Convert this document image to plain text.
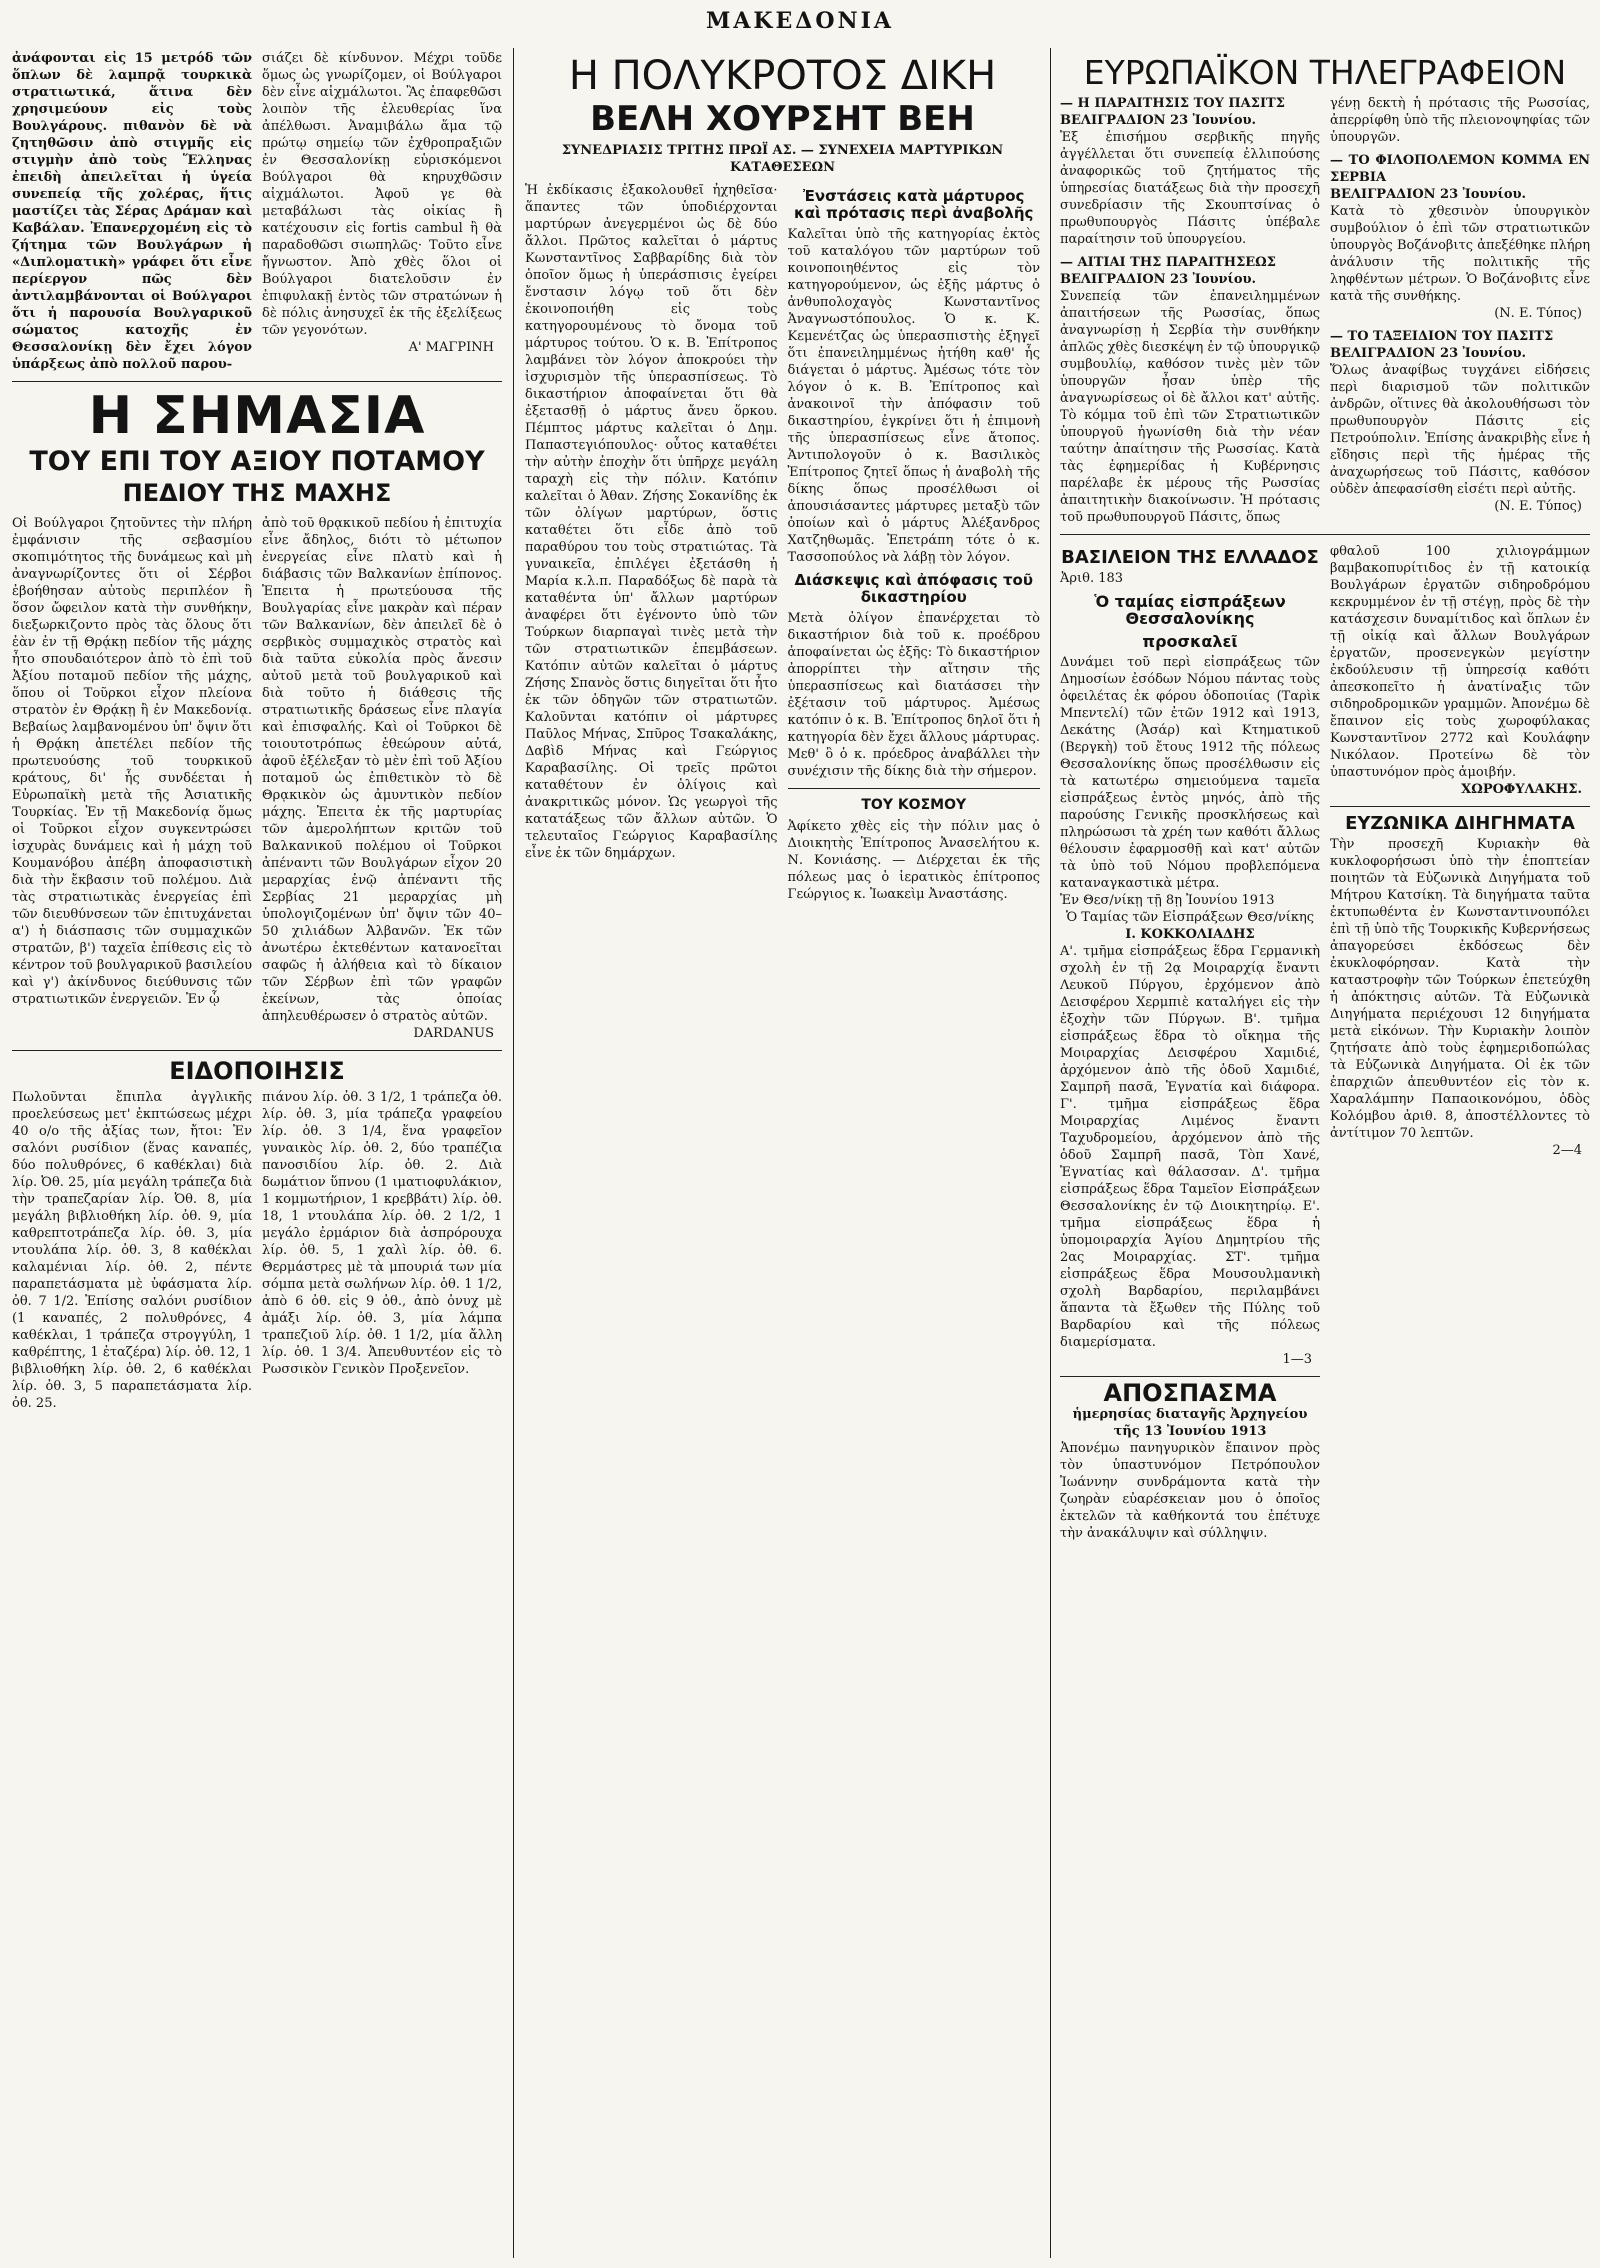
ΜΑΚΕΔΟΝΙΑ
ἀνάφονται εἰς 15 μετρόδ τῶν ὅπλων δὲ λαμπρᾷ τουρκικὰ στρατιωτικά, ἅτινα δὲν χρησιμεύουν εἰς τοὺς Βουλγάρους. πιθανὸν δὲ νὰ ζητηθῶσιν ἀπὸ στιγμῆς εἰς στιγμὴν ἀπὸ τοὺς Ἕλληνας ἐπειδὴ ἀπειλεῖται ἡ ὑγεία συνεπείᾳ τῆς χολέρας, ἥτις μαστίζει τὰς Σέρας Δράμαν καὶ Καβάλαν. Ἐπανερχομένη εἰς τὸ ζήτημα τῶν Βουλγάρων ἡ «Διπλοματικὴ» γράφει ὅτι εἶνε περίεργον πῶς δὲν ἀντιλαμβάνονται οἱ Βούλγαροι ὅτι ἡ παρουσία Βουλγαρικοῦ σώματος κατοχῆς ἐν Θεσσαλονίκῃ δὲν ἔχει λόγον ὑπάρξεως ἀπὸ πολλοῦ παρου-
σιάζει δὲ κίνδυνον. Μέχρι τοῦδε ὅμως ὡς γνωρίζομεν, οἱ Βούλγαροι δὲν εἶνε αἰχμάλωτοι. Ἂς ἐπαφεθῶσι λοιπὸν τῆς ἐλευθερίας ἵνα ἀπέλθωσι. Ἀναμιβάλω ἅμα τῷ πρώτῳ σημείῳ τῶν ἐχθροπραξιῶν ἐν Θεσσαλονίκῃ εὑρισκόμενοι Βούλγαροι θὰ κηρυχθῶσιν αἰχμάλωτοι. Ἀφοῦ γε θὰ μεταβάλωσι τὰς οἰκίας ἢ κατέχουσιν εἰς fortis cambul ἢ θὰ παραδοθῶσι σιωπηλῶς· Τοῦτο εἶνε ἤγνωστον. Ἀπὸ χθὲς ὅλοι οἱ Βούλγαροι διατελοῦσιν ἐν ἐπιφυλακῇ ἐντὸς τῶν στρατώνων ἡ δὲ πόλις ἀνησυχεῖ ἐκ τῆς ἐξελίξεως τῶν γεγονότων.
Α' ΜΑΓΡΙΝΗ
Η ΣΗΜΑΣΙΑ
ΤΟΥ ΕΠΙ ΤΟΥ ΑΞΙΟΥ ΠΟΤΑΜΟΥ
ΠΕΔΙΟΥ ΤΗΣ ΜΑΧΗΣ
Οἱ Βούλγαροι ζητοῦντες τὴν πλήρη ἐμφάνισιν τῆς σεβασμίου σκοπιμότητος τῆς δυνάμεως καὶ μὴ ἀναγνωρίζοντες ὅτι οἱ Σέρβοι ἐβοήθησαν αὐτοὺς περιπλέον ἢ ὅσον ὤφειλον κατὰ τὴν συνθήκην, διεξωρκιζοντο πρὸς τὰς ὅλους ὅτι ἐὰν ἐν τῇ Θρᾴκῃ πεδίον τῆς μάχης ἦτο σπουδαιότερον ἀπὸ τὸ ἐπὶ τοῦ Ἀξίου ποταμοῦ πεδίον τῆς μάχης, ὅπου οἱ Τοῦρκοι εἶχον πλείονα στρατὸν ἐν Θρᾴκῃ ἢ ἐν Μακεδονίᾳ. Βεβαίως λαμβανομένου ὑπ' ὄψιν ὅτι ἡ Θρᾴκη ἀπετέλει πεδίον τῆς πρωτευούσης τοῦ τουρκικοῦ κράτους, δι' ἧς συνδέεται ἡ Εὐρωπαϊκὴ μετὰ τῆς Ἀσιατικῆς Τουρκίας. Ἐν τῇ Μακεδονίᾳ ὅμως οἱ Τοῦρκοι εἶχον συγκεντρώσει ἰσχυρὰς δυνάμεις καὶ ἡ μάχη τοῦ Κουμανόβου ἀπέβη ἀποφασιστικὴ διὰ τὴν ἔκβασιν τοῦ πολέμου. Διὰ τὰς στρατιωτικὰς ἐνεργείας ἐπὶ τῶν διευθύνσεων τῶν ἐπιτυχάνεται α') ἡ διάσπασις τῶν συμμαχικῶν στρατῶν, β') ταχεῖα ἐπίθεσις εἰς τὸ κέντρον τοῦ βουλγαρικοῦ βασιλείου καὶ γ') ἀκίνδυνος διεύθυνσις τῶν στρατιωτικῶν ἐνεργειῶν. Ἐν ᾧ
ἀπὸ τοῦ θρᾳκικοῦ πεδίου ἡ ἐπιτυχία εἶνε ἄδηλος, διότι τὸ μέτωπον ἐνεργείας εἶνε πλατὺ καὶ ἡ διάβασις τῶν Βαλκανίων ἐπίπονος. Ἐπειτα ἡ πρωτεύουσα τῆς Βουλγαρίας εἶνε μακρὰν καὶ πέραν τῶν Βαλκανίων, δὲν ἀπειλεῖ δὲ ὁ σερβικὸς συμμαχικὸς στρατὸς καὶ διὰ ταῦτα εὐκολία πρὸς ἄνεσιν αὐτοῦ μετὰ τοῦ βουλγαρικοῦ καὶ διὰ τοῦτο ἡ διάθεσις τῆς στρατιωτικῆς δράσεως εἶνε πλαγία καὶ ἐπισφαλής. Καὶ οἱ Τοῦρκοι δὲ τοιουτοτρόπως ἐθεώρουν αὐτά, ἀφοῦ ἐξέλεξαν τὸ μὲν ἐπὶ τοῦ Ἀξίου ποταμοῦ ὡς ἐπιθετικὸν τὸ δὲ Θρᾳκικὸν ὡς ἀμυντικὸν πεδίον μάχης. Ἐπειτα ἐκ τῆς μαρτυρίας τῶν ἀμερολήπτων κριτῶν τοῦ Βαλκανικοῦ πολέμου οἱ Τοῦρκοι ἀπέναντι τῶν Βουλγάρων εἶχον 20 μεραρχίας ἐνῷ ἀπέναντι τῆς Σερβίας 21 μεραρχίας μὴ ὑπολογιζομένων ὑπ' ὄψιν τῶν 40–50 χιλιάδων Ἀλβανῶν. Ἐκ τῶν ἀνωτέρω ἐκτεθέντων κατανοεῖται σαφῶς ἡ ἀλήθεια καὶ τὸ δίκαιον τῶν Σέρβων ἐπὶ τῶν γραφῶν ἐκείνων, τὰς ὁποίας ἀπηλευθέρωσεν ὁ στρατὸς αὐτῶν.
DARDANUS
ΕΙΔΟΠΟΙΗΣΙΣ
Πωλοῦνται ἔπιπλα ἀγγλικῆς προελεύσεως μετ' ἐκπτώσεως μέχρι 40 ο/ο τῆς ἀξίας των, ἤτοι: Ἐν σαλόνι ρυσίδιον (ἕνας καναπές, δύο πολυθρόνες, 6 καθέκλαι) διὰ λίρ. Ὀθ. 25, μία μεγάλη τράπεζα διὰ τὴν τραπεζαρίαν λίρ. Ὀθ. 8, μία μεγάλη βιβλιοθήκη λίρ. ὀθ. 9, μία καθρεπτοτράπεζα λίρ. ὀθ. 3, μία ντουλάπα λίρ. ὀθ. 3, 8 καθέκλαι καλαμένιαι λίρ. ὀθ. 2, πέντε παραπετάσματα μὲ ὑφάσματα λίρ. ὀθ. 7 1/2. Ἐπίσης σαλόνι ρυσίδιον (1 καναπές, 2 πολυθρόνες, 4 καθέκλαι, 1 τράπεζα στρογγύλη, 1 καθρέπτης, 1 ἐταζέρα) λίρ. ὀθ. 12, 1 βιβλιοθήκη λίρ. ὀθ. 2, 6 καθέκλαι λίρ. ὀθ. 3, 5 παραπετάσματα λίρ. ὀθ. 25.
πιάνου λίρ. ὀθ. 3 1/2, 1 τράπεζα ὀθ. λίρ. ὀθ. 3, μία τράπεζα γραφείου λίρ. ὀθ. 3 1/4, ἕνα γραφεῖον γυναικὸς λίρ. ὀθ. 2, δύο τραπέζια πανοσιδίου λίρ. ὀθ. 2. Διὰ δωμάτιον ὕπνου (1 ιματιοφυλάκιον, 1 κομμωτήριον, 1 κρεββάτι) λίρ. ὀθ. 18, 1 ντουλάπα λίρ. ὀθ. 2 1/2, 1 μεγάλο ἐρμάριον διὰ ἀσπρόρουχα λίρ. ὀθ. 5, 1 χαλὶ λίρ. ὀθ. 6. Θερμάστρες μὲ τὰ μπουριά των μία σόμπα μετὰ σωλήνων λίρ. ὀθ. 1 1/2, ἀπὸ 6 ὀθ. εἰς 9 ὀθ., ἀπὸ ὀνυχ μὲ ἀμάξι λίρ. ὀθ. 3, μία λάμπα τραπεζιοῦ λίρ. ὀθ. 1 1/2, μία ἄλλη λίρ. ὀθ. 1 3/4. Ἀπευθυντέον εἰς τὸ Ρωσσικὸν Γενικὸν Προξενεῖον.
Η ΠΟΛΥΚΡΟΤΟΣ ΔΙΚΗ
ΒΕΛΗ ΧΟΥΡΣΗΤ ΒΕΗ
ΣΥΝΕΔΡΙΑΣΙΣ ΤΡΙΤΗΣ ΠΡΩΪ ΑΣ. — ΣΥΝΕΧΕΙΑ ΜΑΡΤΥΡΙΚΩΝ ΚΑΤΑΘΕΣΕΩΝ
Ἡ ἐκδίκασις ἐξακολουθεῖ ἠχηθεῖσα· ἅπαντες τῶν ὑποδιέρχονται μαρτύρων ἀνεγερμένοι ὡς δὲ δύο ἄλλοι. Πρῶτος καλεῖται ὁ μάρτυς Κωνσταντῖνος Σαββαρίδης διὰ τὸν ὁποῖον ὅμως ἡ ὑπεράσπισις ἐγείρει ἔνστασιν λόγῳ τοῦ ὅτι δὲν ἐκοινοποιήθη εἰς τοὺς κατηγορουμένους τὸ ὄνομα τοῦ μάρτυρος τούτου. Ὁ κ. Β. Ἐπίτροπος λαμβάνει τὸν λόγον ἀποκρούει τὴν ἰσχυρισμὸν τῆς ὑπερασπίσεως. Τὸ δικαστήριον ἀποφαίνεται ὅτι θὰ ἐξετασθῇ ὁ μάρτυς ἄνευ ὅρκου. Πέμπτος μάρτυς καλεῖται ὁ Δημ. Παπαστεγιόπουλος· οὗτος καταθέτει τὴν αὐτὴν ἐποχὴν ὅτι ὑπῆρχε μεγάλη ταραχὴ εἰς τὴν πόλιν. Κατόπιν καλεῖται ὁ Ἀθαν. Ζήσης Σοκανίδης ἐκ τῶν ὀλίγων μαρτύρων, ὅστις καταθέτει ὅτι εἶδε ἀπὸ τοῦ παραθύρου του τοὺς στρατιώτας. Τὰ γυναικεῖα, ἐπιλέγει ἐξετάσθη ἡ Μαρία κ.λ.π. Παραδόξως δὲ παρὰ τὰ καταθέντα ὑπ' ἄλλων μαρτύρων ἀναφέρει ὅτι ἐγένοντο ὑπὸ τῶν Τούρκων διαρπαγαὶ τινὲς μετὰ τὴν τῶν στρατιωτικῶν ἐπεμβάσεων. Κατόπιν αὐτῶν καλεῖται ὁ μάρτυς Ζήσης Σπανὸς ὅστις διηγεῖται ὅτι ἦτο ἐκ τῶν ὁδηγῶν τῶν στρατιωτῶν. Καλοῦνται κατόπιν οἱ μάρτυρες Παῦλος Μήνας, Σπῦρος Τσακαλάκης, Δαβὶδ Μήνας καὶ Γεώργιος Καραβασίλης. Οἱ τρεῖς πρῶτοι καταθέτουν ἐν ὁλίγοις καὶ ἀνακριτικῶς μόνον. Ὡς γεωργοὶ τῆς κατατάξεως τῶν ἄλλων αὐτῶν. Ὁ τελευταῖος Γεώργιος Καραβασίλης εἶνε ἐκ τῶν δημάρχων.
Ἐνστάσεις κατὰ μάρτυρος καὶ πρότασις περὶ ἀναβολῆς
Καλεῖται ὑπὸ τῆς κατηγορίας ἐκτὸς τοῦ καταλόγου τῶν μαρτύρων τοῦ κοινοποιηθέντος εἰς τὸν κατηγορούμενον, ὡς ἐξῆς μάρτυς ὁ ἀνθυπολοχαγὸς Κωνσταντῖνος Ἀναγνωστόπουλος. Ὁ κ. Κ. Κεμενέτζας ὡς ὑπερασπιστὴς ἐξηγεῖ ὅτι ἐπανειλημμένως ἠτήθη καθ' ἧς διάγεται ὁ μάρτυς. Ἀμέσως τότε τὸν λόγον ὁ κ. Β. Ἐπίτροπος καὶ ἀνακοινοῖ τὴν ἀπόφασιν τοῦ δικαστηρίου, ἐγκρίνει ὅτι ἡ ἐπιμονὴ τῆς ὑπερασπίσεως εἶνε ἄτοπος. Ἀντιπολογοῦν ὁ κ. Βασιλικὸς Ἐπίτροπος ζητεῖ ὅπως ἡ ἀναβολὴ τῆς δίκης ὅπως προσέλθωσι οἱ ἀπουσιάσαντες μάρτυρες μεταξὺ τῶν ὁποίων καὶ ὁ μάρτυς Ἀλέξανδρος Χατζηθωμᾶς. Ἐπετράπη τότε ὁ κ. Τασσοπούλος νὰ λάβῃ τὸν λόγον.
Διάσκεψις καὶ ἀπόφασις τοῦ δικαστηρίου
Μετὰ ὀλίγον ἐπανέρχεται τὸ δικαστήριον διὰ τοῦ κ. προέδρου ἀποφαίνεται ὡς ἑξῆς: Τὸ δικαστήριον ἀπορρίπτει τὴν αἴτησιν τῆς ὑπερασπίσεως καὶ διατάσσει τὴν ἐξέτασιν τοῦ μάρτυρος. Ἀμέσως κατόπιν ὁ κ. Β. Ἐπίτροπος δηλοῖ ὅτι ἡ κατηγορία δὲν ἔχει ἄλλους μάρτυρας. Μεθ' ὃ ὁ κ. πρόεδρος ἀναβάλλει τὴν συνέχισιν τῆς δίκης διὰ τὴν σήμερον.
ΤΟΥ ΚΟΣΜΟΥ
Ἀφίκετο χθὲς εἰς τὴν πόλιν μας ὁ Διοικητὴς Ἐπίτροπος Ἀνασελήτου κ. Ν. Κονιάσης. — Διέρχεται ἐκ τῆς πόλεως μας ὁ ἱερατικὸς ἐπίτροπος Γεώργιος κ. Ἰωακεὶμ Ἀναστάσης.
ΕΥΡΩΠΑΪΚΟΝ ΤΗΛΕΓΡΑΦΕΙΟΝ
— Η ΠΑΡΑΙΤΗΣΙΣ ΤΟΥ ΠΑΣΙΤΣ
ΒΕΛΙΓΡΑΔΙΟΝ 23 Ἰουνίου.
Ἐξ ἐπισήμου σερβικῆς πηγῆς ἀγγέλλεται ὅτι συνεπείᾳ ἐλλιπούσης ἀναφορικῶς τοῦ ζητήματος τῆς ὑπηρεσίας διατάξεως διὰ τὴν προσεχῆ συνεδρίασιν τῆς Σκουπτσίνας ὁ πρωθυπουργὸς Πάσιτς ὑπέβαλε παραίτησιν τοῦ ὑπουργείου.
— ΑΙΤΙΑΙ ΤΗΣ ΠΑΡΑΙΤΗΣΕΩΣ
ΒΕΛΙΓΡΑΔΙΟΝ 23 Ἰουνίου.
Συνεπείᾳ τῶν ἐπανειλημμένων ἀπαιτήσεων τῆς Ρωσσίας, ὅπως ἀναγνωρίσῃ ἡ Σερβία τὴν συνθήκην ἁπλῶς χθὲς διεσκέψη ἐν τῷ ὑπουργικῷ συμβουλίῳ, καθόσον τινὲς μὲν τῶν ὑπουργῶν ἦσαν ὑπὲρ τῆς ἀναγνωρίσεως οἱ δὲ ἄλλοι κατ' αὐτῆς. Τὸ κόμμα τοῦ ἐπὶ τῶν Στρατιωτικῶν ὑπουργοῦ ἠγωνίσθη διὰ τὴν νέαν ταύτην ἀπαίτησιν τῆς Ρωσσίας. Κατὰ τὰς ἐφημερίδας ἡ Κυβέρνησις παρέλαβε ἐκ μέρους τῆς Ρωσσίας ἀπαιτητικὴν διακοίνωσιν. Ἡ πρότασις τοῦ πρωθυπουργοῦ Πάσιτς, ὅπως
γένῃ δεκτὴ ἡ πρότασις τῆς Ρωσσίας, ἀπερρίφθη ὑπὸ τῆς πλειονοψηφίας τῶν ὑπουργῶν.
— ΤΟ ΦΙΛΟΠΟΛΕΜΟΝ ΚΟΜΜΑ ΕΝ ΣΕΡΒΙΑ
ΒΕΛΙΓΡΑΔΙΟΝ 23 Ἰουνίου.
Κατὰ τὸ χθεσινὸν ὑπουργικὸν συμβούλιον ὁ ἐπὶ τῶν στρατιωτικῶν ὑπουργὸς Βοζάνοβιτς ἀπεξέθηκε πλήρη ἀνάλυσιν τῆς πολιτικῆς τῆς ληφθέντων μέτρων. Ὁ Βοζάνοβιτς εἶνε κατὰ τῆς συνθήκης.
(Ν. Ε. Τύπος)
— ΤΟ ΤΑΞΕΙΔΙΟΝ ΤΟΥ ΠΑΣΙΤΣ
ΒΕΛΙΓΡΑΔΙΟΝ 23 Ἰουνίου.
Ὅλως ἀναφίβως τυγχάνει εἰδήσεις περὶ διαρισμοῦ τῶν πολιτικῶν ἀνδρῶν, οἵτινες θὰ ἀκολουθήσωσι τὸν πρωθυπουργὸν Πάσιτς εἰς Πετρούπολιν. Ἐπίσης ἀνακριβὴς εἶνε ἡ εἴδησις περὶ τῆς ἡμέρας τῆς ἀναχωρήσεως τοῦ Πάσιτς, καθόσον οὐδὲν ἀπεφασίσθη εἰσέτι περὶ αὐτῆς.
(Ν. Ε. Τύπος)
ΒΑΣΙΛΕΙΟΝ ΤΗΣ ΕΛΛΑΔΟΣ
Ἀριθ. 183
Ὁ ταμίας εἰσπράξεων Θεσσαλονίκης
προσκαλεῖ
Δυνάμει τοῦ περὶ εἰσπράξεως τῶν Δημοσίων ἐσόδων Νόμου πάντας τοὺς ὀφειλέτας ἐκ φόρου ὁδοποιίας (Ταρὶκ Μπεντελί) τῶν ἐτῶν 1912 καὶ 1913, Δεκάτης (Ἀσάρ) καὶ Κτηματικοῦ (Βεργκὴ) τοῦ ἔτους 1912 τῆς πόλεως Θεσσαλονίκης ὅπως προσέλθωσιν εἰς τὰ κατωτέρω σημειούμενα ταμεῖα εἰσπράξεως ἐντὸς μηνός, ἀπὸ τῆς παρούσης Γενικῆς προσκλήσεως καὶ πληρώσωσι τὰ χρέη των καθότι ἄλλως θέλουσιν ἐφαρμοσθῇ καὶ κατ' αὐτῶν τὰ ὑπὸ τοῦ Νόμου προβλεπόμενα καταναγκαστικὰ μέτρα.
Ἐν Θεσ/νίκῃ τῇ 8ῃ Ἰουνίου 1913
Ὁ Ταμίας τῶν Εἰσπράξεων Θεσ/νίκης
Ι. ΚΟΚΚΟΛΙΑΔΗΣ
Α'. τμῆμα εἰσπράξεως ἕδρα Γερμανικὴ σχολὴ ἐν τῇ 2ᾳ Μοιραρχίᾳ ἔναντι Λευκοῦ Πύργου, ἐρχόμενον ἀπὸ Δεισφέρου Χερμπιὲ καταλήγει εἰς τὴν ἐξοχὴν τῶν Πύργων. Β'. τμῆμα εἰσπράξεως ἕδρα τὸ οἴκημα τῆς Μοιραρχίας Δεισφέρου Χαμιδιέ, ἀρχόμενον ἀπὸ τῆς ὁδοῦ Χαμιδιέ, Σαμπρῆ πασᾶ, Ἐγνατία καὶ διάφορα. Γ'. τμῆμα εἰσπράξεως ἕδρα Μοιραρχίας Λιμένος ἔναντι Ταχυδρομείου, ἀρχόμενον ἀπὸ τῆς ὁδοῦ Σαμπρῆ πασᾶ, Τὸπ Χανέ, Ἐγνατίας καὶ θάλασσαν. Δ'. τμῆμα εἰσπράξεως ἕδρα Ταμεῖον Εἰσπράξεων Θεσσαλονίκης ἐν τῷ Διοικητηρίῳ. Ε'. τμῆμα εἰσπράξεως ἕδρα ἡ ὑπομοιραρχία Ἁγίου Δημητρίου τῆς 2ας Μοιραρχίας. ΣΤ'. τμῆμα εἰσπράξεως ἕδρα Μουσουλμανικὴ σχολὴ Βαρδαρίου, περιλαμβάνει ἅπαντα τὰ ἔξωθεν τῆς Πύλης τοῦ Βαρδαρίου καὶ τῆς πόλεως διαμερίσματα.
1—3
ΑΠΟΣΠΑΣΜΑ
ἡμερησίας διαταγῆς Ἀρχηγείου τῆς 13 Ἰουνίου 1913
Ἀπονέμω πανηγυρικὸν ἔπαινον πρὸς τὸν ὑπαστυνόμον Πετρόπουλον Ἰωάννην συνδράμοντα κατὰ τὴν ζωηρὰν εὐαρέσκειαν μου ὁ ὁποῖος ἐκτελῶν τὰ καθήκοντά του ἐπέτυχε τὴν ἀνακάλυψιν καὶ σύλληψιν.
φθαλοῦ 100 χιλιογράμμων βαμβακοπυρίτιδος ἐν τῇ κατοικίᾳ Βουλγάρων ἐργατῶν σιδηροδρόμου κεκρυμμένον ἐν τῇ στέγῃ, πρὸς δὲ τὴν κατάσχεσιν δυναμίτιδος καὶ ὅπλων ἐν τῇ οἰκίᾳ καὶ ἄλλων Βουλγάρων ἐργατῶν, προσενεγκὼν μεγίστην ἐκδούλευσιν τῇ ὑπηρεσίᾳ καθότι ἀπεσκοπεῖτο ἡ ἀνατίναξις τῶν σιδηροδρομικῶν γραμμῶν. Ἀπονέμω δὲ ἔπαινον εἰς τοὺς χωροφύλακας Κωνσταντῖνον 2772 καὶ Κουλάφην Νικόλαον. Προτείνω δὲ τὸν ὑπαστυνόμον πρὸς ἀμοιβήν.
ΧΩΡΟΦΥΛΑΚΗΣ.
ΕΥΖΩΝΙΚΑ ΔΙΗΓΗΜΑΤΑ
Τὴν προσεχῆ Κυριακὴν θὰ κυκλοφορήσωσι ὑπὸ τὴν ἐποπτείαν ποιητῶν τὰ Εὐζωνικὰ Διηγήματα τοῦ Μήτρου Κατσίκη. Τὰ διηγήματα ταῦτα ἐκτυπωθέντα ἐν Κωνσταντινουπόλει ἐπὶ τῇ ὑπὸ τῆς Τουρκικῆς Κυβερνήσεως ἀπαγορεύσει ἐκδόσεως δὲν ἐκυκλοφόρησαν. Κατὰ τὴν καταστροφὴν τῶν Τούρκων ἐπετεύχθη ἡ ἀπόκτησις αὐτῶν. Τὰ Εὐζωνικὰ Διηγήματα περιέχουσι 12 διηγήματα μετὰ εἰκόνων. Τὴν Κυριακὴν λοιπὸν ζητήσατε ἀπὸ τοὺς ἐφημεριδοπώλας τὰ Εὐζωνικὰ Διηγήματα. Οἱ ἐκ τῶν ἐπαρχιῶν ἀπευθυντέον εἰς τὸν κ. Χαραλάμπην Παπαοικονόμου, ὁδὸς Κολόμβου ἀριθ. 8, ἀποστέλλοντες τὸ ἀντίτιμον 70 λεπτῶν.
2—4
